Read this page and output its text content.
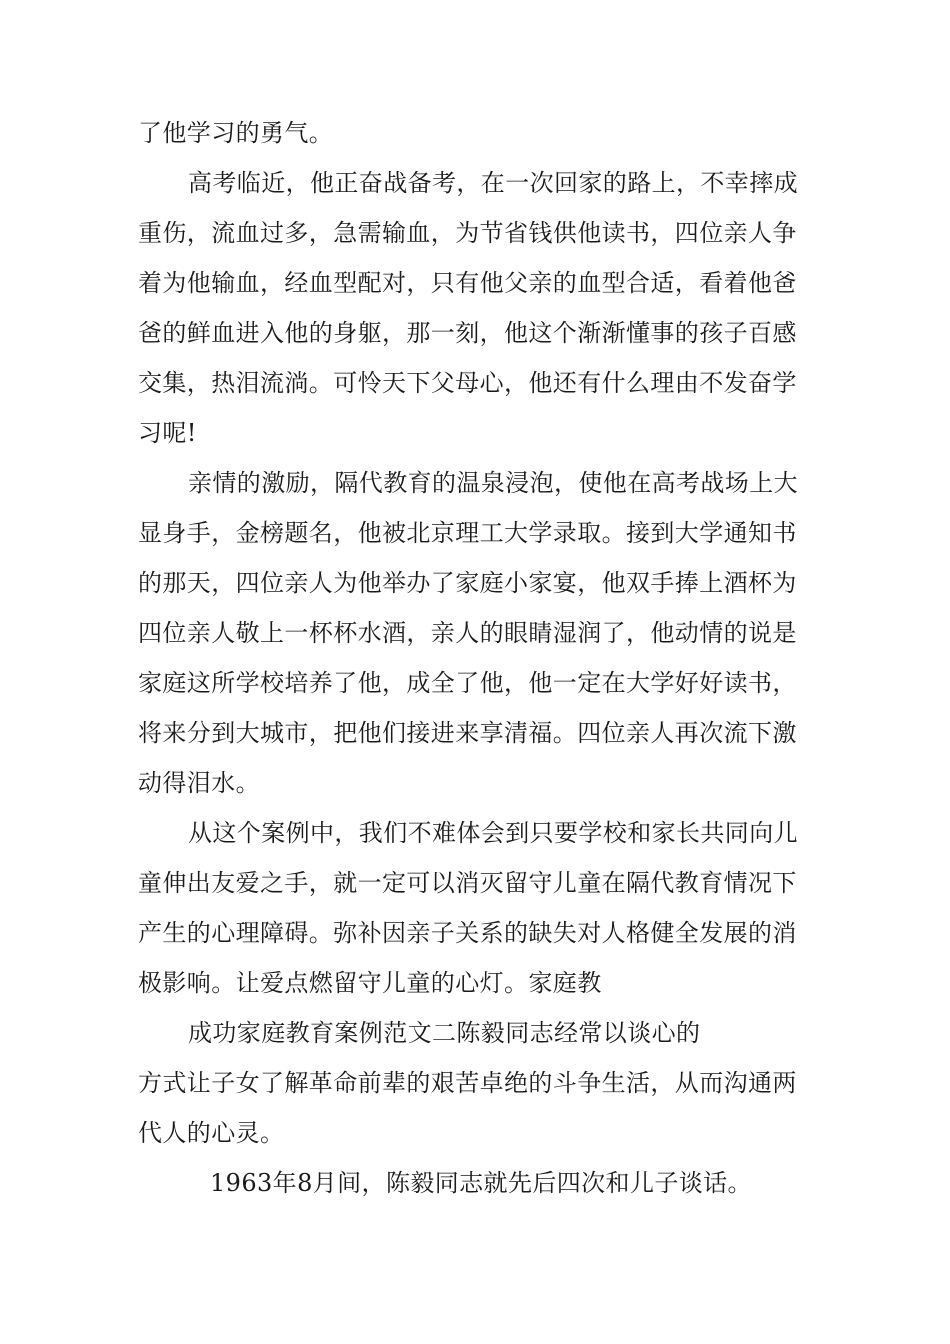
了他学习的勇气。
高考临近，他正奋战备考，在一次回家的路上，不幸摔成
重伤，流血过多，急需输血，为节省钱供他读书，四位亲人争
着为他输血，经血型配对，只有他父亲的血型合适，看着他爸
爸的鲜血进入他的身躯，那一刻，他这个渐渐懂事的孩子百感
交集，热泪流淌。可怜天下父母心，他还有什么理由不发奋学
习呢!
亲情的激励，隔代教育的温泉浸泡，使他在高考战场上大
显身手，金榜题名，他被北京理工大学录取。接到大学通知书
的那天，四位亲人为他举办了家庭小家宴，他双手捧上酒杯为
四位亲人敬上一杯杯水酒，亲人的眼睛湿润了，他动情的说是
家庭这所学校培养了他，成全了他，他一定在大学好好读书，
将来分到大城市，把他们接进来享清福。四位亲人再次流下激
动得泪水。
从这个案例中，我们不难体会到只要学校和家长共同向儿
童伸出友爱之手，就一定可以消灭留守儿童在隔代教育情况下
产生的心理障碍。弥补因亲子关系的缺失对人格健全发展的消
极影响。让爱点燃留守儿童的心灯。家庭教
成功家庭教育案例范文二陈毅同志经常以谈心的
方式让子女了解革命前辈的艰苦卓绝的斗争生活，从而沟通两
代人的心灵。
1963年8月间，陈毅同志就先后四次和儿子谈话。
